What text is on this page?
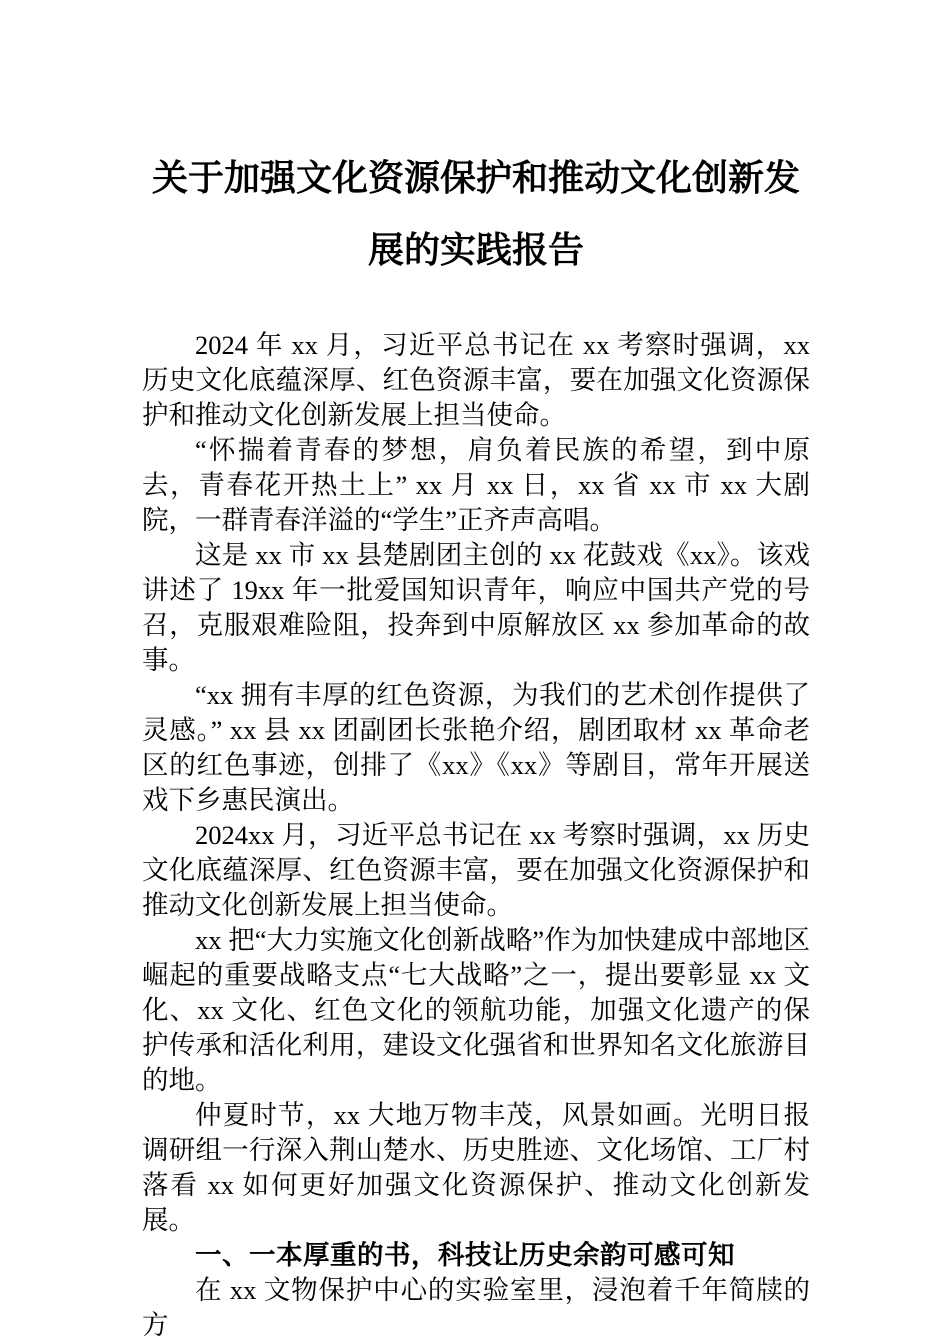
关于加强文化资源保护和推动文化创新发展的实践报告

2024 年 xx 月，习近平总书记在 xx 考察时强调，xx 历史文化底蕴深厚、红色资源丰富，要在加强文化资源保护和推动文化创新发展上担当使命。

“怀揣着青春的梦想，肩负着民族的希望，到中原去，青春花开热土上” xx 月 xx 日，xx 省 xx 市 xx 大剧院，一群青春洋溢的“学生”正齐声高唱。

这是 xx 市 xx 县楚剧团主创的 xx 花鼓戏《xx》。该戏讲述了 19xx 年一批爱国知识青年，响应中国共产党的号召，克服艰难险阻，投奔到中原解放区 xx 参加革命的故事。

“xx 拥有丰厚的红色资源，为我们的艺术创作提供了灵感。” xx 县 xx 团副团长张艳介绍，剧团取材 xx 革命老区的红色事迹，创排了《xx》《xx》等剧目，常年开展送戏下乡惠民演出。

2024xx 月，习近平总书记在 xx 考察时强调，xx 历史文化底蕴深厚、红色资源丰富，要在加强文化资源保护和推动文化创新发展上担当使命。

xx 把“大力实施文化创新战略”作为加快建成中部地区崛起的重要战略支点“七大战略”之一，提出要彰显 xx 文化、xx 文化、红色文化的领航功能，加强文化遗产的保护传承和活化利用，建设文化强省和世界知名文化旅游目的地。

仲夏时节，xx 大地万物丰茂，风景如画。光明日报调研组一行深入荆山楚水、历史胜迹、文化场馆、工厂村落看 xx 如何更好加强文化资源保护、推动文化创新发展。

一、一本厚重的书，科技让历史余韵可感可知

在 xx 文物保护中心的实验室里，浸泡着千年简牍的方
